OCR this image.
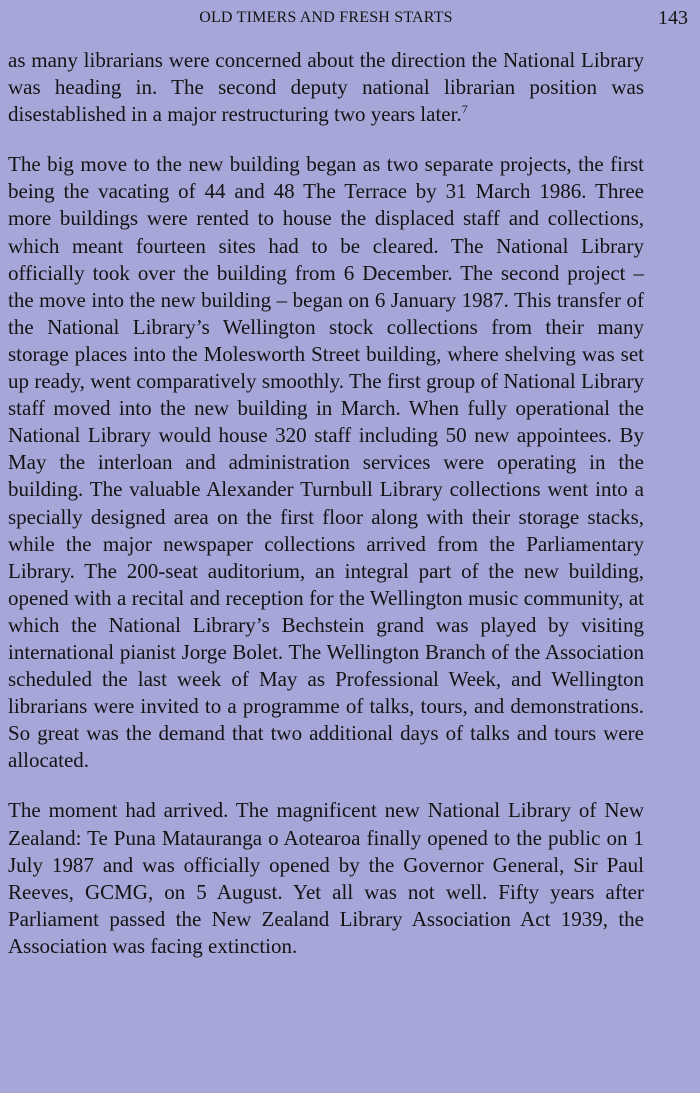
OLD TIMERS AND FRESH STARTS	143

as many librarians were concerned about the direction the National Library was heading in. The second deputy national librarian position was disestablished in a major restructuring two years later.$^7$

The big move to the new building began as two separate projects, the first being the vacating of 44 and 48 The Terrace by 31 March 1986. Three more buildings were rented to house the displaced staff and collections, which meant fourteen sites had to be cleared. The National Library officially took over the building from 6 December. The second project – the move into the new building – began on 6 January 1987. This transfer of the National Library’s Wellington stock collections from their many storage places into the Molesworth Street building, where shelving was set up ready, went comparatively smoothly. The first group of National Library staff moved into the new building in March. When fully operational the National Library would house 320 staff including 50 new appointees. By May the interloan and administration services were operating in the building. The valuable Alexander Turnbull Library collections went into a specially designed area on the first floor along with their storage stacks, while the major newspaper collections arrived from the Parliamentary Library. The 200-seat auditorium, an integral part of the new building, opened with a recital and reception for the Wellington music community, at which the National Library’s Bechstein grand was played by visiting international pianist Jorge Bolet. The Wellington Branch of the Association scheduled the last week of May as Professional Week, and Wellington librarians were invited to a programme of talks, tours, and demonstrations. So great was the demand that two additional days of talks and tours were allocated.

The moment had arrived. The magnificent new National Library of New Zealand: Te Puna Matauranga o Aotearoa finally opened to the public on 1 July 1987 and was officially opened by the Governor General, Sir Paul Reeves, GCMG, on 5 August. Yet all was not well. Fifty years after Parliament passed the New Zealand Library Association Act 1939, the Association was facing extinction.
